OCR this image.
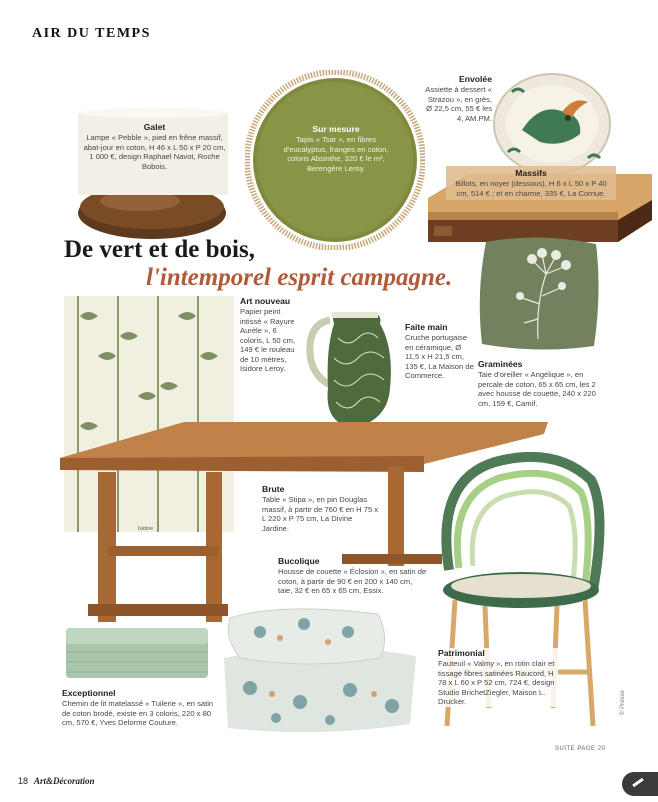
AIR DU TEMPS
Galet
Lampe « Pebble », pied en frêne massif, abat-jour en coton, H 46 x L 50 x P 20 cm, 1 000 €, design Raphael Navot, Roche Bobois.
Sur mesure
Tapis « Tsar », en fibres d'eucalyptus, franges en coton, coloris Absinthe, 320 € le m², Berengère Leroy.
Envolée
Assiette à dessert « Strazou », en grès, Ø 22,5 cm, 55 € les 4, AM.PM.
Massifs
Billots, en noyer (dessous), H 6 x L 50 x P 40 cm, 514 € ; et en charme, 335 €, La Cornue.
De vert et de bois,
l'intemporel esprit campagne.
Graminées
Taie d'oreiller « Angélique », en percale de coton, 65 x 65 cm, les 2 avec housse de couette, 240 x 220 cm, 159 €, Camif.
Isidore
Art nouveau
Papier peint intissé « Rayure Aurèle », 6 coloris, L 50 cm, 149 € le rouleau de 10 mètres, Isidore Leroy.
Faite main
Cruche portugaise en céramique, Ø 11,5 x H 21,5 cm, 135 €, La Maison de Commerce.
Brute
Table « Stipa », en pin Douglas massif, à partir de 760 € en H 75 x L 220 x P 75 cm, La Divine Jardine.
Bucolique
Housse de couette « Éclosion », en satin de coton, à partir de 90 € en 200 x 140 cm, taie, 32 € en 65 x 65 cm, Essix.
Patrimonial
Fauteuil « Valmy », en rotin clair et tissage fibres satinées Raucord, H 78 x L 60 x P 52 cm, 724 €, design Studio BrichetZiegler, Maison L. Drucker.
Exceptionnel
Chemin de lit matelassé « Tuilerie », en satin de coton brodé, existe en 3 coloris, 220 x 80 cm, 570 €, Yves Delorme Couture.
SUITE PAGE 20
© Presse
18 Art&Décoration
